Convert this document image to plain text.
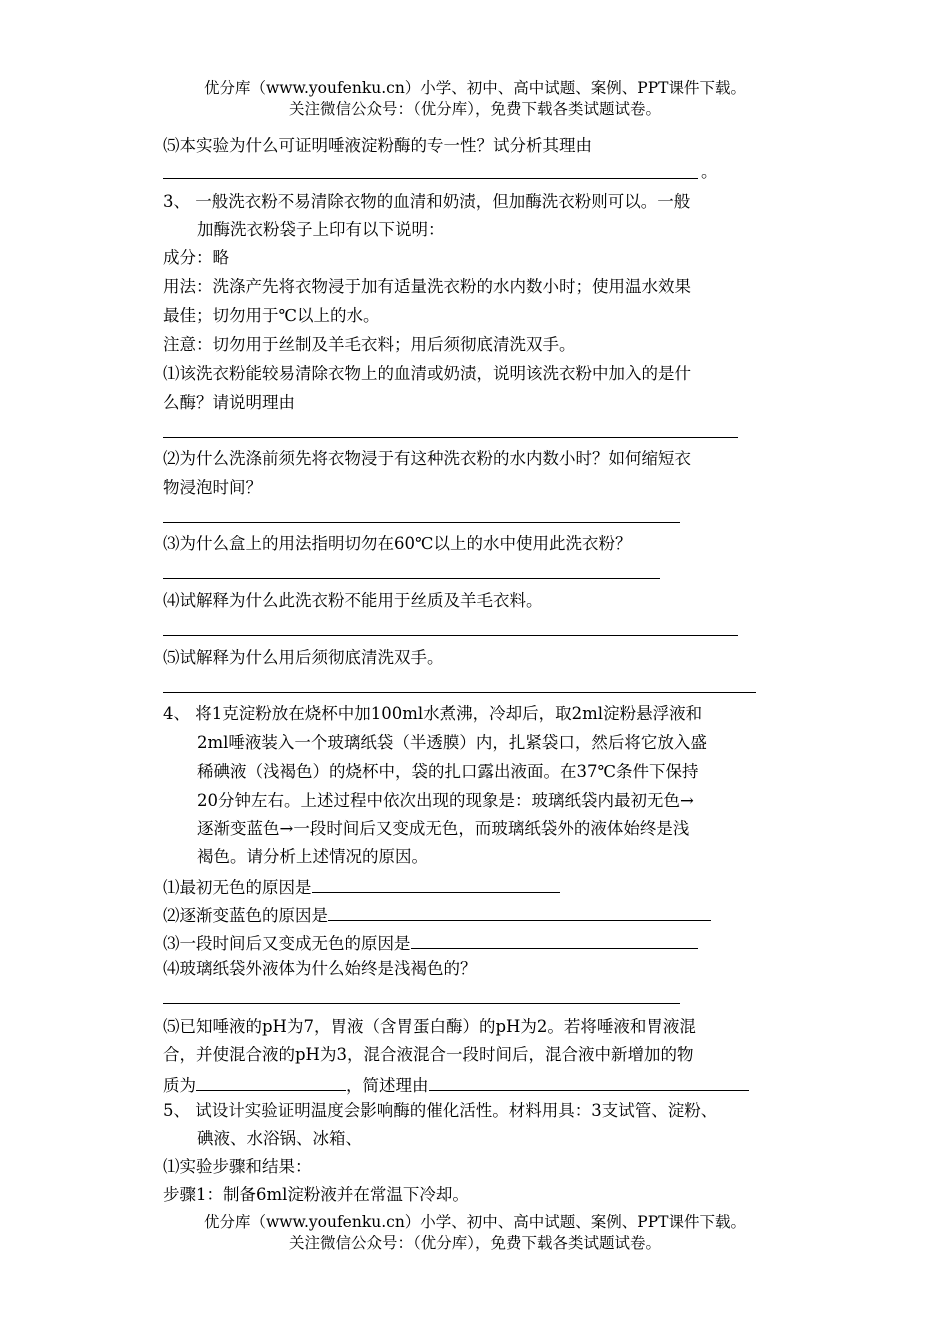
优分库（www.youfenku.cn）小学、初中、高中试题、案例、PPT课件下载。
关注微信公众号：（优分库），免费下载各类试题试卷。
⑸本实验为什么可证明唾液淀粉酶的专一性？试分析其理由
。
3、 一般洗衣粉不易清除衣物的血清和奶渍，但加酶洗衣粉则可以。一般
加酶洗衣粉袋子上印有以下说明：
成分：略
用法：洗涤产先将衣物浸于加有适量洗衣粉的水内数小时；使用温水效果
最佳；切勿用于℃以上的水。
注意：切勿用于丝制及羊毛衣料；用后须彻底清洗双手。
⑴该洗衣粉能较易清除衣物上的血清或奶渍，说明该洗衣粉中加入的是什
么酶？请说明理由
⑵为什么洗涤前须先将衣物浸于有这种洗衣粉的水内数小时？如何缩短衣
物浸泡时间？
⑶为什么盒上的用法指明切勿在60℃以上的水中使用此洗衣粉？
⑷试解释为什么此洗衣粉不能用于丝质及羊毛衣料。
⑸试解释为什么用后须彻底清洗双手。
4、 将1克淀粉放在烧杯中加100ml水煮沸，冷却后，取2ml淀粉悬浮液和
2ml唾液装入一个玻璃纸袋（半透膜）内，扎紧袋口，然后将它放入盛
稀碘液（浅褐色）的烧杯中，袋的扎口露出液面。在37℃条件下保持
20分钟左右。上述过程中依次出现的现象是：玻璃纸袋内最初无色→
逐渐变蓝色→一段时间后又变成无色，而玻璃纸袋外的液体始终是浅
褐色。请分析上述情况的原因。
⑴最初无色的原因是
⑵逐渐变蓝色的原因是
⑶一段时间后又变成无色的原因是
⑷玻璃纸袋外液体为什么始终是浅褐色的？
⑸已知唾液的pH为7，胃液（含胃蛋白酶）的pH为2。若将唾液和胃液混
合，并使混合液的pH为3，混合液混合一段时间后，混合液中新增加的物
质为	，简述理由
5、 试设计实验证明温度会影响酶的催化活性。材料用具：3支试管、淀粉、
碘液、水浴锅、冰箱、
⑴实验步骤和结果：
步骤1：制备6ml淀粉液并在常温下冷却。
优分库（www.youfenku.cn）小学、初中、高中试题、案例、PPT课件下载。
关注微信公众号：（优分库），免费下载各类试题试卷。
